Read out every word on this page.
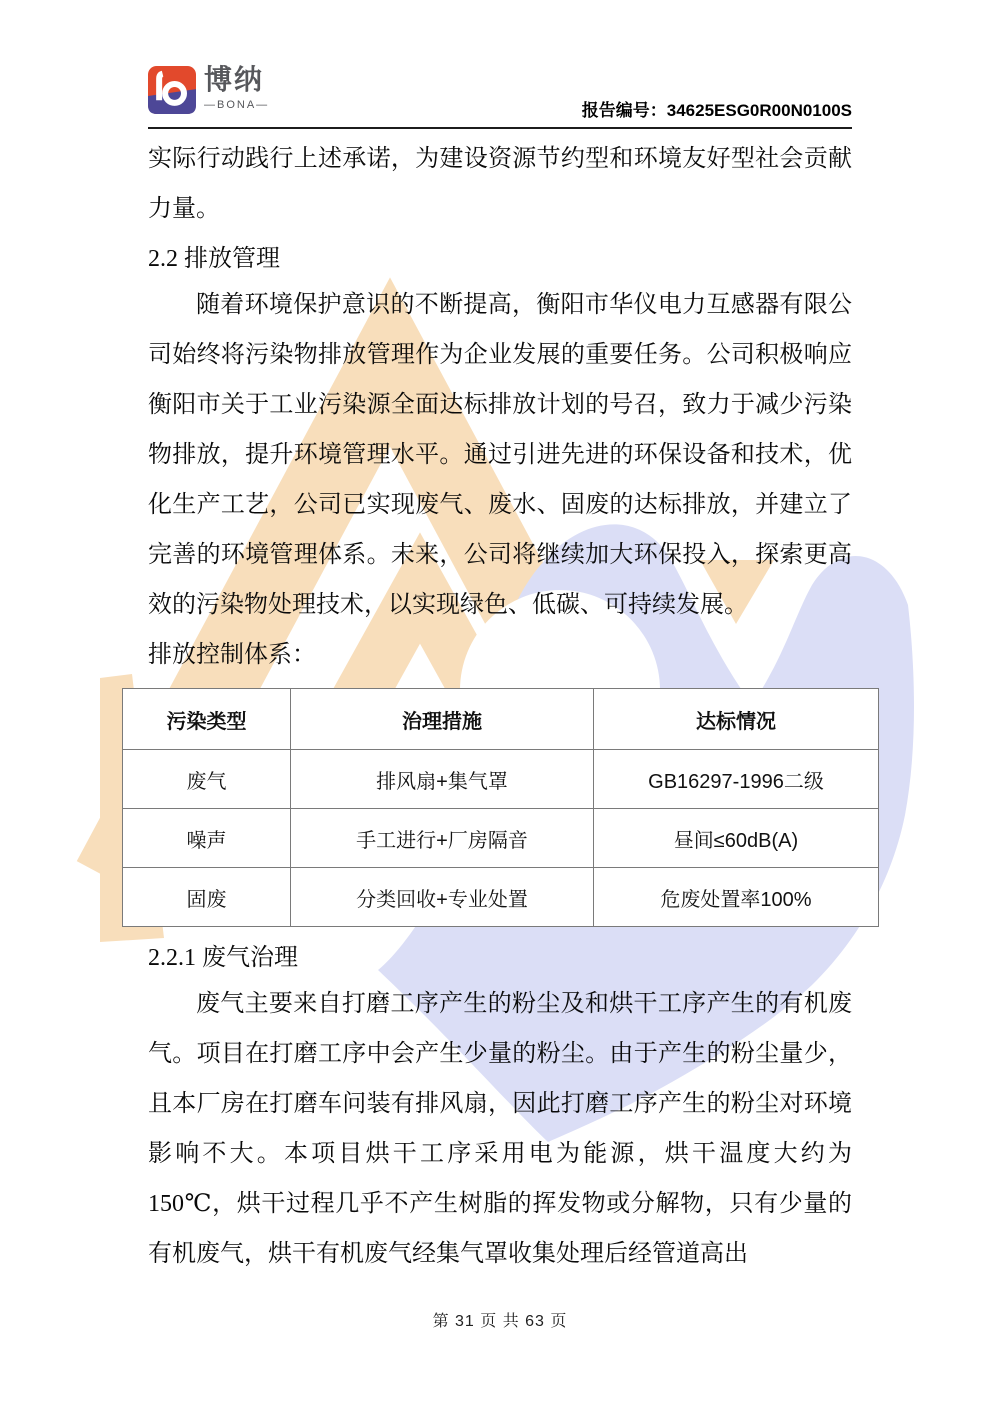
博纳
—BONA—	报告编号：34625ESG0R00N0100S

实际行动践行上述承诺，为建设资源节约型和环境友好型社会贡献力量。

2.2 排放管理

随着环境保护意识的不断提高，衡阳市华仪电力互感器有限公司始终将污染物排放管理作为企业发展的重要任务。公司积极响应衡阳市关于工业污染源全面达标排放计划的号召，致力于减少污染物排放，提升环境管理水平。通过引进先进的环保设备和技术，优化生产工艺，公司已实现废气、废水、固废的达标排放，并建立了完善的环境管理体系。未来，公司将继续加大环保投入，探索更高效的污染物处理技术，以实现绿色、低碳、可持续发展。

排放控制体系：

污染类型	治理措施	达标情况
废气	排风扇+集气罩	GB16297-1996二级
噪声	手工进行+厂房隔音	昼间≤60dB(A)
固废	分类回收+专业处置	危废处置率100%
2.2.1 废气治理

废气主要来自打磨工序产生的粉尘及和烘干工序产生的有机废气。项目在打磨工序中会产生少量的粉尘。由于产生的粉尘量少，且本厂房在打磨车问装有排风扇，因此打磨工序产生的粉尘对环境影响不大。本项目烘干工序采用电为能源，烘干温度大约为 150℃，烘干过程几乎不产生树脂的挥发物或分解物，只有少量的有机废气，烘干有机废气经集气罩收集处理后经管道高出

第 31 页 共 63 页
